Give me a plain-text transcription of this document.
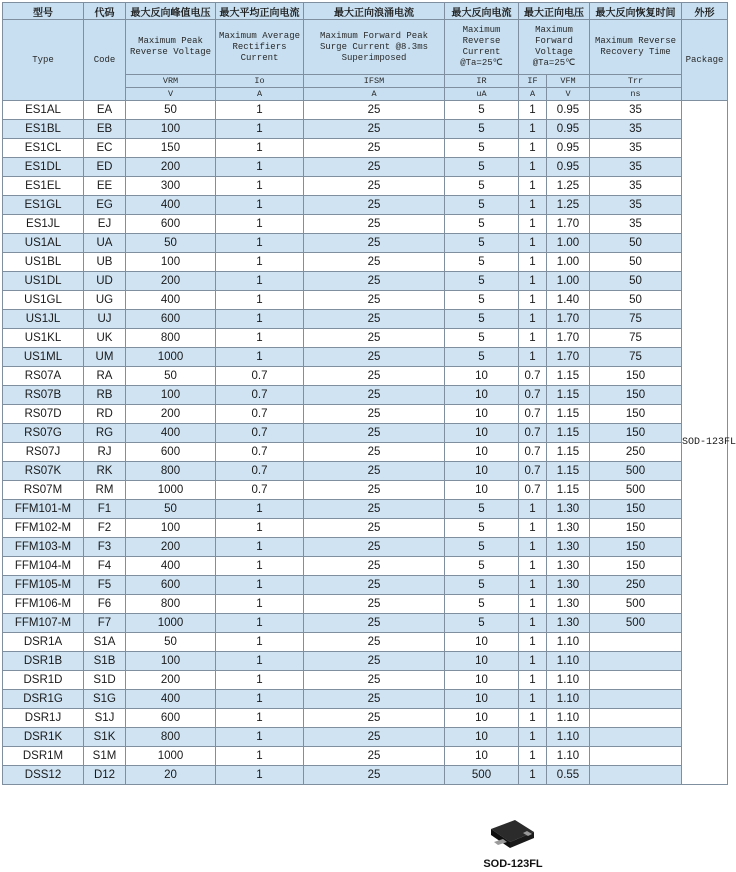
型号	代码	最大反向峰值电压	最大平均正向电流	最大正向浪涌电流	最大反向电流	最大正向电压		最大反向恢复时间	外形
Type	Code	Maximum Peak Reverse Voltage	Maximum Average Rectifiers Current	Maximum Forward Peak Surge Current @8.3ms Superimposed	Maximum Reverse Current @Ta=25℃	Maximum Forward Voltage @Ta=25℃		Maximum Reverse Recovery Time	Package
		VRM	Io	IFSM	IR	IF	VFM	Trr	
		V	A	A	uA	A	V	ns	
ES1AL	EA	50	1	25	5	1	0.95	35	SOD-123FL
ES1BL	EB	100	1	25	5	1	0.95	35	
ES1CL	EC	150	1	25	5	1	0.95	35	
ES1DL	ED	200	1	25	5	1	0.95	35	
ES1EL	EE	300	1	25	5	1	1.25	35	
ES1GL	EG	400	1	25	5	1	1.25	35	
ES1JL	EJ	600	1	25	5	1	1.70	35	
US1AL	UA	50	1	25	5	1	1.00	50	
US1BL	UB	100	1	25	5	1	1.00	50	
US1DL	UD	200	1	25	5	1	1.00	50	
US1GL	UG	400	1	25	5	1	1.40	50	
US1JL	UJ	600	1	25	5	1	1.70	75	
US1KL	UK	800	1	25	5	1	1.70	75	
US1ML	UM	1000	1	25	5	1	1.70	75	
RS07A	RA	50	0.7	25	10	0.7	1.15	150	
RS07B	RB	100	0.7	25	10	0.7	1.15	150	
RS07D	RD	200	0.7	25	10	0.7	1.15	150	
RS07G	RG	400	0.7	25	10	0.7	1.15	150	
RS07J	RJ	600	0.7	25	10	0.7	1.15	250	
RS07K	RK	800	0.7	25	10	0.7	1.15	500	
RS07M	RM	1000	0.7	25	10	0.7	1.15	500	
FFM101-M	F1	50	1	25	5	1	1.30	150	
FFM102-M	F2	100	1	25	5	1	1.30	150	
FFM103-M	F3	200	1	25	5	1	1.30	150	
FFM104-M	F4	400	1	25	5	1	1.30	150	
FFM105-M	F5	600	1	25	5	1	1.30	250	
FFM106-M	F6	800	1	25	5	1	1.30	500	
FFM107-M	F7	1000	1	25	5	1	1.30	500	
DSR1A	S1A	50	1	25	10	1	1.10		
DSR1B	S1B	100	1	25	10	1	1.10		
DSR1D	S1D	200	1	25	10	1	1.10		
DSR1G	S1G	400	1	25	10	1	1.10		
DSR1J	S1J	600	1	25	10	1	1.10		
DSR1K	S1K	800	1	25	10	1	1.10		
DSR1M	S1M	1000	1	25	10	1	1.10		
DSS12	D12	20	1	25	500	1	0.55		
SOD-123FL
